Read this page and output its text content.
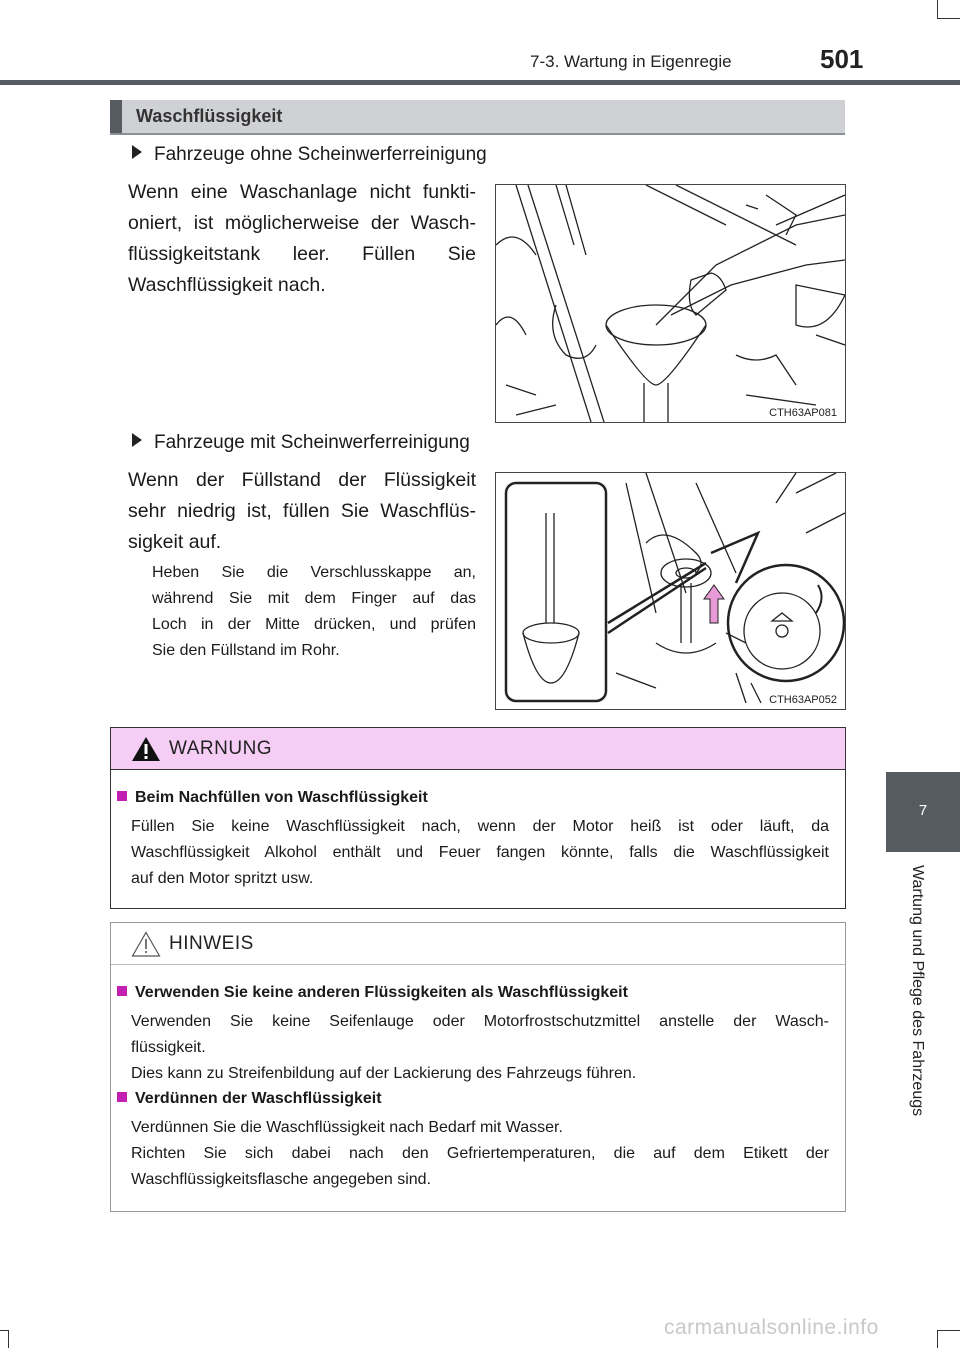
7-3. Wartung in Eigenregie	501
7
Wartung und Pflege des Fahrzeugs
Waschflüssigkeit
Fahrzeuge ohne Scheinwerferreinigung
Wenn eine Waschanlage nicht funkti-
oniert, ist möglicherweise der Wasch-
flüssigkeitstank leer. Füllen Sie
Waschflüssigkeit nach.
CTH63AP081
Fahrzeuge mit Scheinwerferreinigung
Wenn der Füllstand der Flüssigkeit
sehr niedrig ist, füllen Sie Waschflüs-
sigkeit auf.
Heben Sie die Verschlusskappe an,
während Sie mit dem Finger auf das
Loch in der Mitte drücken, und prüfen
Sie den Füllstand im Rohr.
CTH63AP052
WARNUNG
Beim Nachfüllen von Waschflüssigkeit
Füllen Sie keine Waschflüssigkeit nach, wenn der Motor heiß ist oder läuft, da
Waschflüssigkeit Alkohol enthält und Feuer fangen könnte, falls die Waschflüssigkeit
auf den Motor spritzt usw.
HINWEIS
Verwenden Sie keine anderen Flüssigkeiten als Waschflüssigkeit
Verwenden Sie keine Seifenlauge oder Motorfrostschutzmittel anstelle der Wasch-
flüssigkeit.
Dies kann zu Streifenbildung auf der Lackierung des Fahrzeugs führen.
Verdünnen der Waschflüssigkeit
Verdünnen Sie die Waschflüssigkeit nach Bedarf mit Wasser.
Richten Sie sich dabei nach den Gefriertemperaturen, die auf dem Etikett der
Waschflüssigkeitsflasche angegeben sind.
carmanualsonline.info
